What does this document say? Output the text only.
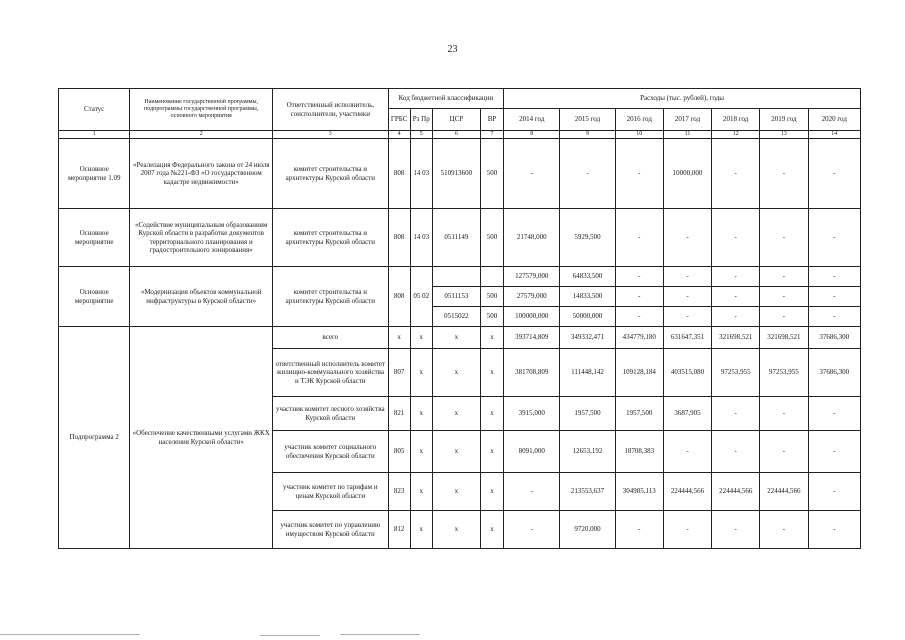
23
Статус	Наименование государственной программы, подпрограммы государственной программы, основного мероприятия	Ответственный исполнитель, соисполнители, участники	Код бюджетной классификации				Расходы (тыс. рублей), годы						
			ГРБС	Рз Пр	ЦСР	ВР	2014 год	2015 год	2016 год	2017 год	2018 год	2019 год	2020 год
1	2	3	4	5	6	7	8	9	10	11	12	13	14
Основное мероприятие 1.09	«Реализация Федерального закона от 24 июля 2007 года №221-ФЗ «О государственном кадастре недвижимости»	комитет строительства и архитектуры Курской области	808	14 03	510913600	500	-	-	-	10000,000	-	-	-
Основное мероприятие	«Содействие муниципальным образованиям Курской области в разработке документов территориального планирования и градостроительного зонирования»	комитет строительства и архитектуры Курской области	808	14 03	0511149	500	21748,000	5929,500	-	-	-	-	-
Основное мероприятие	«Модернизация объектов коммунальной инфраструктуры в Курской области»	комитет строительства и архитектуры Курской области	808	05 02			127579,000	64833,500	-	-	-	-	-
					0511153	500	27579,000	14833,500	-	-	-	-	-
					0515022	500	100000,000	50000,000	-	-	-	-	-
Подпрограмма 2	«Обеспечение качественными услугами ЖКХ населения Курской области»	всего	х	х	х	х	393714,809	349332,471	434779,180	631647,351	321698,521	321698,521	37686,300
		ответственный исполнитель комитет жилищно-коммунального хозяйства и ТЭК Курской области	807	х	х	х	381708,809	111448,142	109128,184	403515,080	97253,955	97253,955	37686,300
		участник комитет лесного хозяйства Курской области	821	х	х	х	3915,000	1957,500	1957,500	3687,905	-	-	-
		участник комитет социального обеспечения Курской области	805	х	х	х	8091,000	12653,192	18708,383	-	-	-	-
		участник комитет по тарифам и ценам Курской области	823	х	х	х	-	213553,637	304985,113	224444,566	224444,566	224444,566	-
		участник комитет по управлению имуществом Курской области	812	х	х	х	-	9720,000	-	-	-	-	-
